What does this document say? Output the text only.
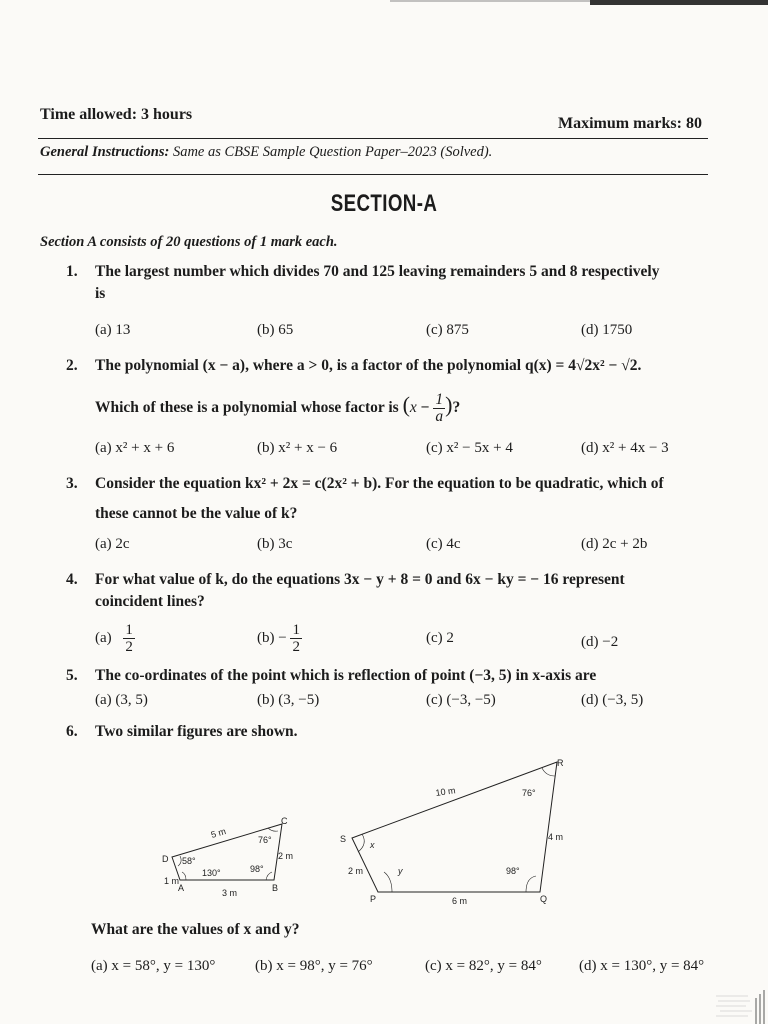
Time allowed: 3 hours
Maximum marks: 80
General Instructions: Same as CBSE Sample Question Paper–2023 (Solved).
SECTION-A
Section A consists of 20 questions of 1 mark each.
1. The largest number which divides 70 and 125 leaving remainders 5 and 8 respectively
is
(a) 13	(b) 65	(c) 875	(d) 1750
2. The polynomial (x − a), where a > 0, is a factor of the polynomial q(x) = 4√2x² − √2.
Which of these is a polynomial whose factor is ($x - \frac{1}{a}$ )?
(a) x² + x + 6	(b) x² + x − 6	(c) x² − 5x + 4	(d) x² + 4x − 3
3. Consider the equation kx² + 2x = c(2x² + b). For the equation to be quadratic, which of
these cannot be the value of k?
(a) 2c	(b) 3c	(c) 4c	(d) 2c + 2b
4. For what value of k, do the equations 3x − y + 8 = 0 and 6x − ky = − 16 represent
coincident lines?
$(a) \frac{1}{2}$	$(b) - \frac{1}{2}$	(c) 2	(d) −2
5. The co-ordinates of the point which is reflection of point (−3, 5) in x-axis are
(a) (3, 5)	(b) (3, −5)	(c) (−3, −5)	(d) (−3, 5)
6. Two similar figures are shown.
D
C
A	B
5 m
2 m
1 m
3 m
58°
76°
130°	98°
S
R
P	Q
10 m
4 m
2 m
6 m
76°
x
y	98°
What are the values of x and y?
(a) x = 58°, y = 130°	(b) x = 98°, y = 76°	(c) x = 82°, y = 84° (d) x = 130°, y = 84°
